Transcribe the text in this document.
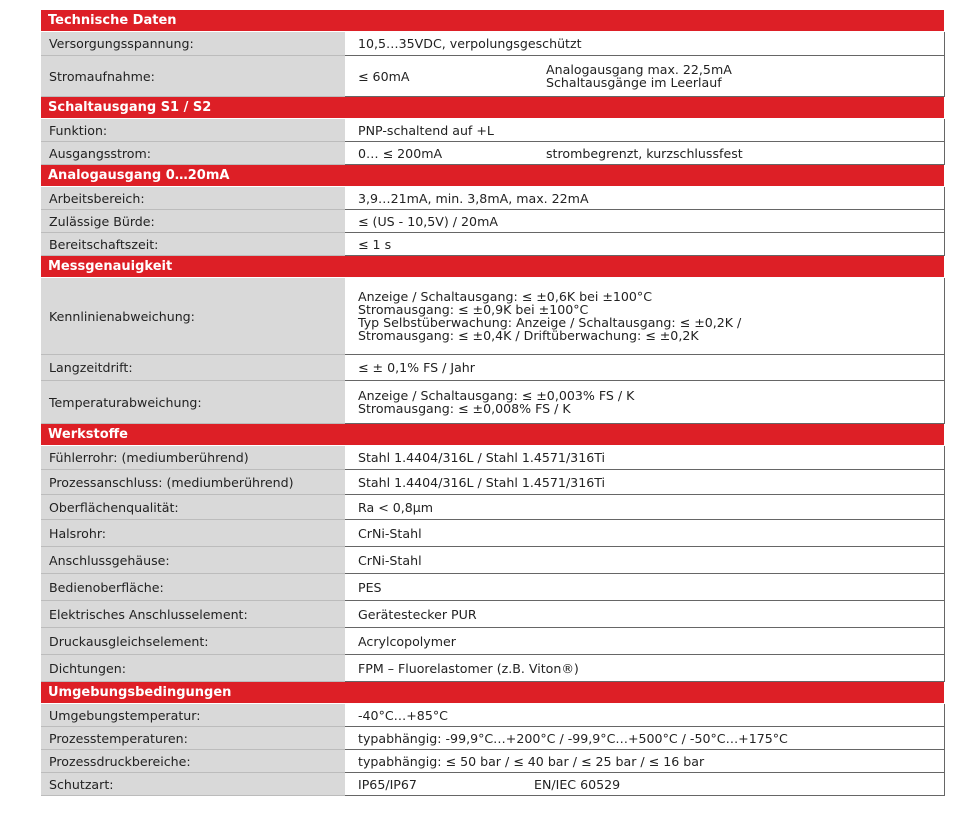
Technische Daten	
Versorgungsspannung:	10,5…35VDC, verpolungsgeschützt
Stromaufnahme:	≤ 60mA Analogausgang max. 22,5mA
Schaltausgänge im Leerlauf

Schaltausgang S1 / S2	
Funktion:	PNP-schaltend auf +L
Ausgangsstrom:	0… ≤ 200mA strombegrenzt, kurzschlussfest
Analogausgang 0…20mA	
Arbeitsbereich:	3,9…21mA, min. 3,8mA, max. 22mA
Zulässige Bürde:	≤ (US - 10,5V) / 20mA
Bereitschaftszeit:	≤ 1 s
Messgenauigkeit	
Kennlinienabweichung:	Anzeige / Schaltausgang: ≤ ±0,6K bei ±100°C
Stromausgang: ≤ ±0,9K bei ±100°C
Typ Selbstüberwachung: Anzeige / Schaltausgang: ≤ ±0,2K /
Stromausgang: ≤ ±0,4K / Driftüberwachung: ≤ ±0,2K

Langzeitdrift:	≤ ± 0,1% FS / Jahr
Temperaturabweichung:	Anzeige / Schaltausgang: ≤ ±0,003% FS / K
Stromausgang: ≤ ±0,008% FS / K

Werkstoffe	
Fühlerrohr: (mediumberührend)	Stahl 1.4404/316L / Stahl 1.4571/316Ti
Prozessanschluss: (mediumberührend)	Stahl 1.4404/316L / Stahl 1.4571/316Ti
Oberflächenqualität:	Ra < 0,8µm
Halsrohr:	CrNi-Stahl
Anschlussgehäuse:	CrNi-Stahl
Bedienoberfläche:	PES
Elektrisches Anschlusselement:	Gerätestecker PUR
Druckausgleichselement:	Acrylcopolymer
Dichtungen:	FPM – Fluorelastomer (z.B. Viton®)
Umgebungsbedingungen	
Umgebungstemperatur:	-40°C…+85°C
Prozesstemperaturen:	typabhängig: -99,9°C…+200°C / -99,9°C…+500°C / -50°C…+175°C
Prozessdruckbereiche:	typabhängig: ≤ 50 bar / ≤ 40 bar / ≤ 25 bar / ≤ 16 bar
Schutzart:	IP65/IP67 EN/IEC 60529
